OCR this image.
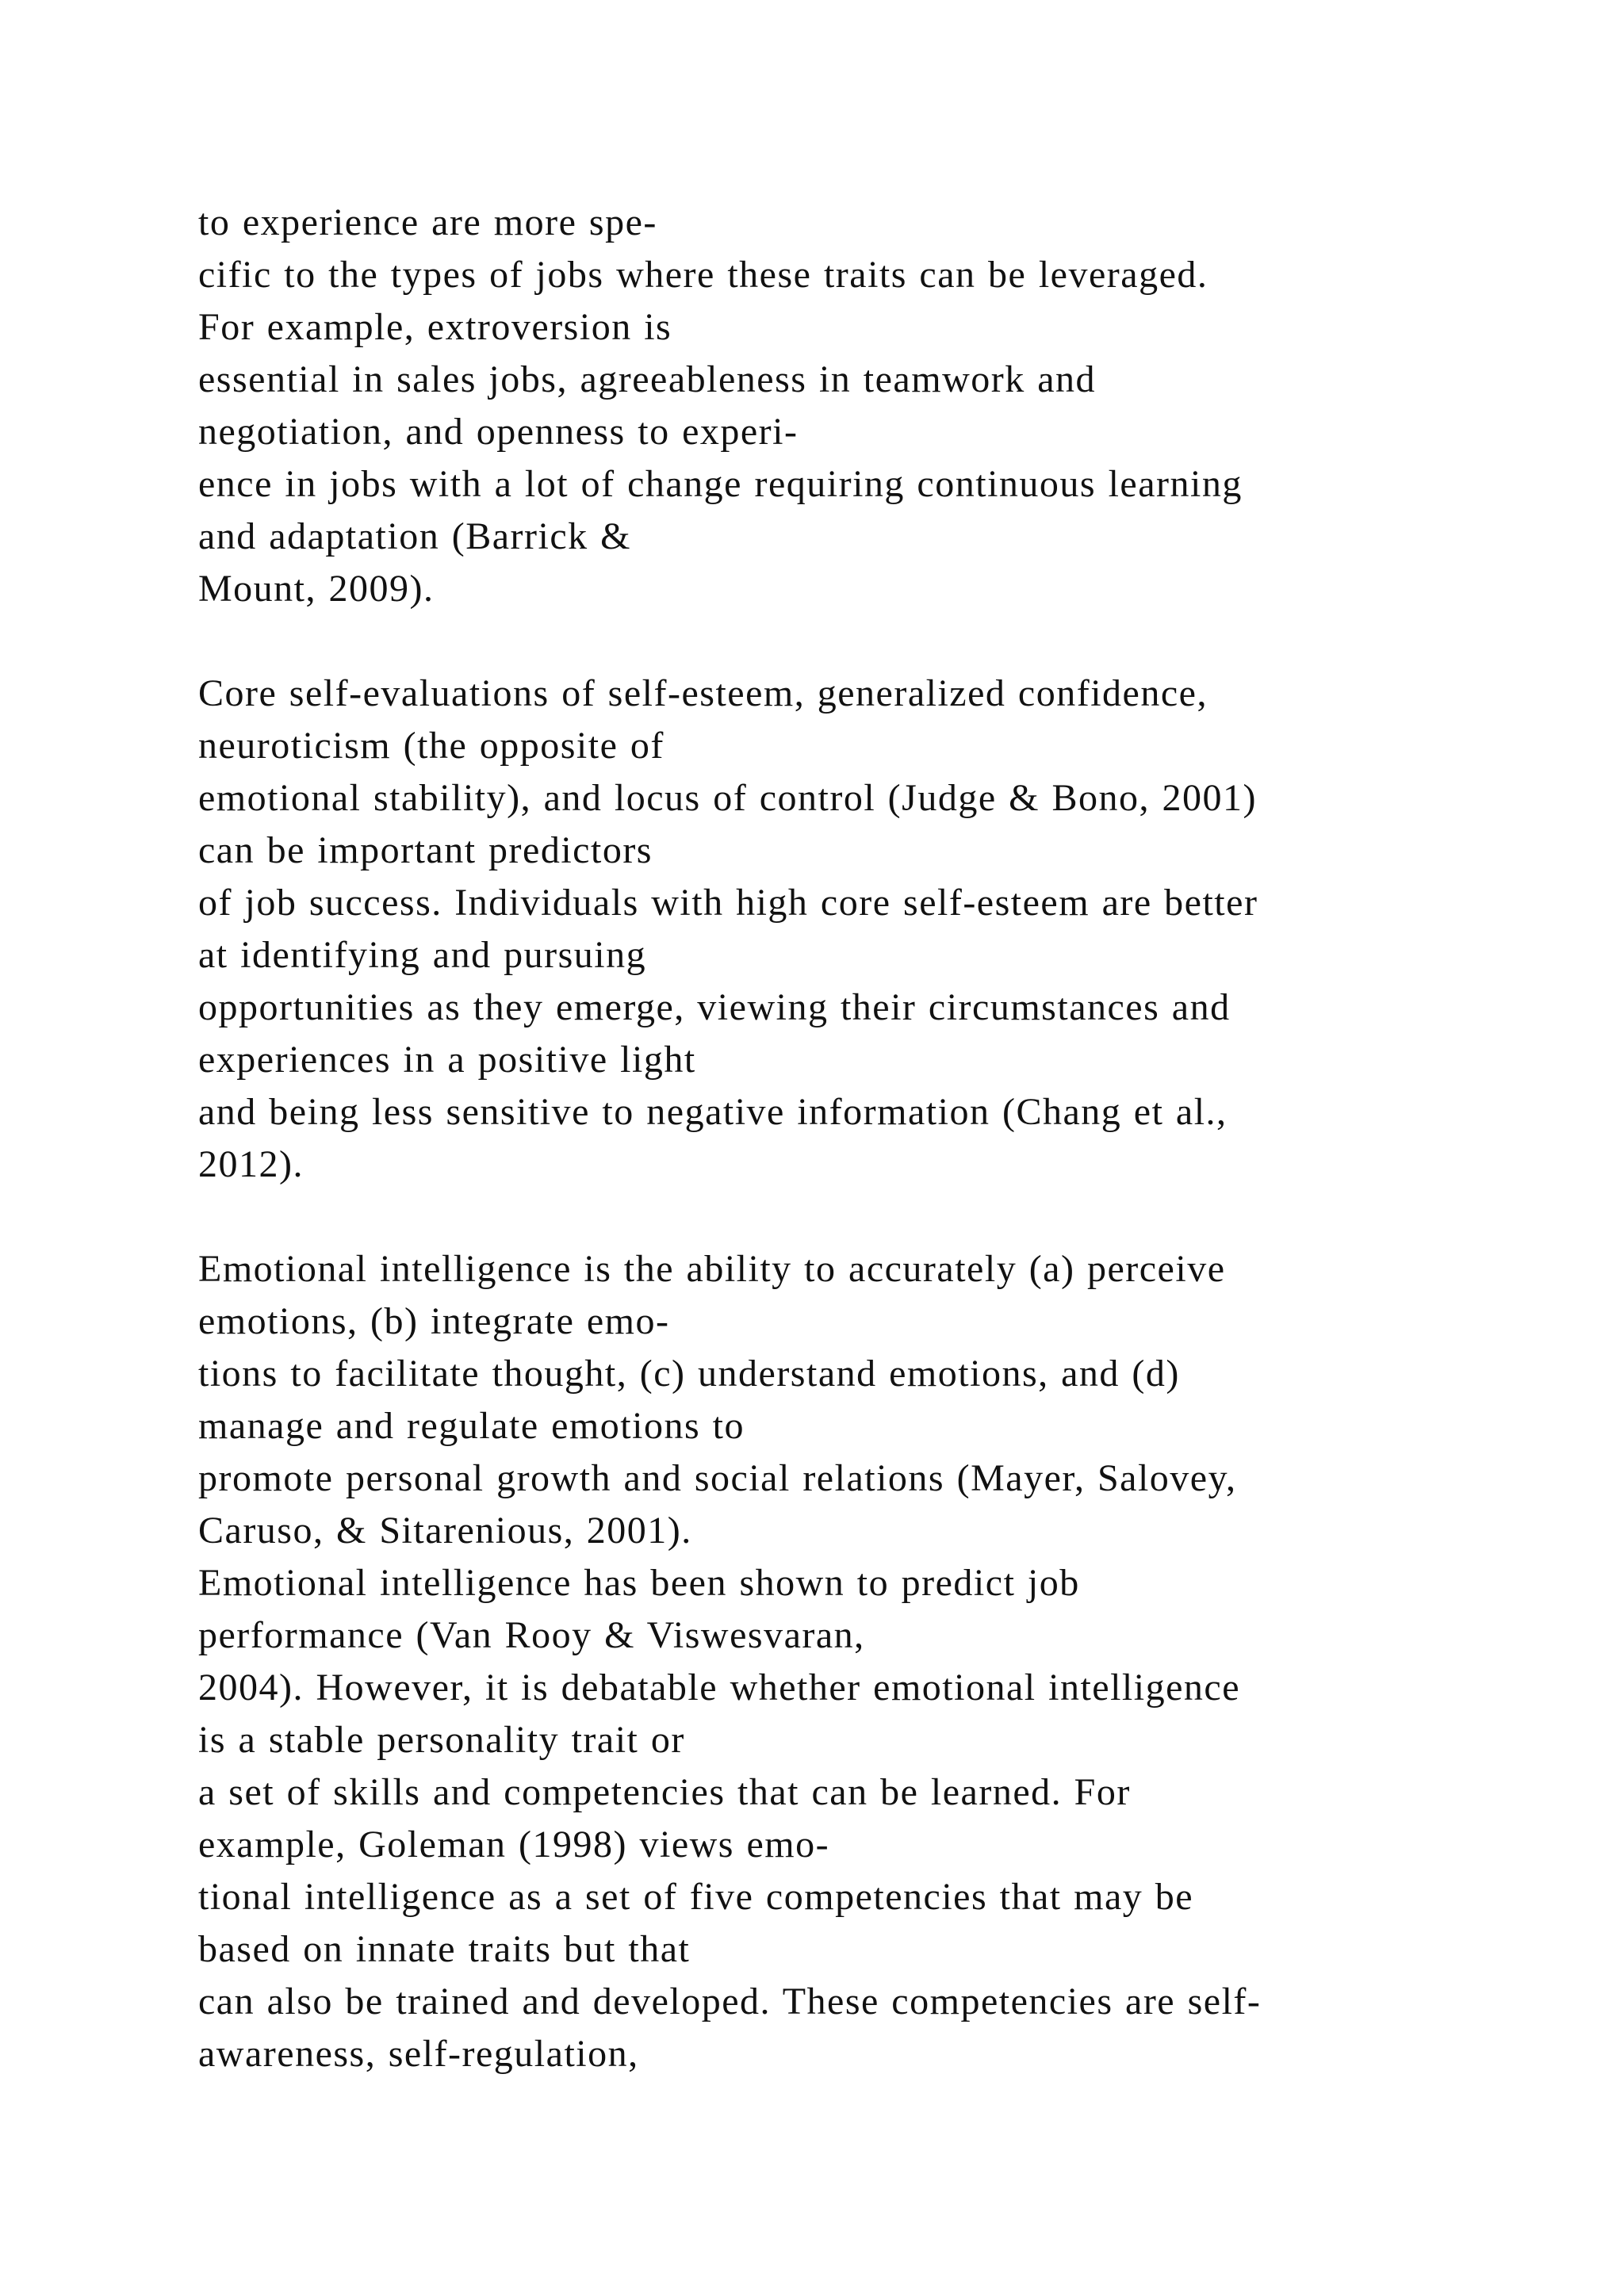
to experience are more spe-
cific to the types of jobs where these traits can be leveraged.
For example, extroversion is
essential in sales jobs, agreeableness in teamwork and
negotiation, and openness to experi-
ence in jobs with a lot of change requiring continuous learning
and adaptation (Barrick &
Mount, 2009).
Core self-evaluations of self-esteem, generalized confidence,
neuroticism (the opposite of
emotional stability), and locus of control (Judge & Bono, 2001)
can be important predictors
of job success. Individuals with high core self-esteem are better
at identifying and pursuing
opportunities as they emerge, viewing their circumstances and
experiences in a positive light
and being less sensitive to negative information (Chang et al.,
2012).
Emotional intelligence is the ability to accurately (a) perceive
emotions, (b) integrate emo-
tions to facilitate thought, (c) understand emotions, and (d)
manage and regulate emotions to
promote personal growth and social relations (Mayer, Salovey,
Caruso, & Sitarenious, 2001).
Emotional intelligence has been shown to predict job
performance (Van Rooy & Viswesvaran,
2004). However, it is debatable whether emotional intelligence
is a stable personality trait or
a set of skills and competencies that can be learned. For
example, Goleman (1998) views emo-
tional intelligence as a set of five competencies that may be
based on innate traits but that
can also be trained and developed. These competencies are self-
awareness, self-regulation,
